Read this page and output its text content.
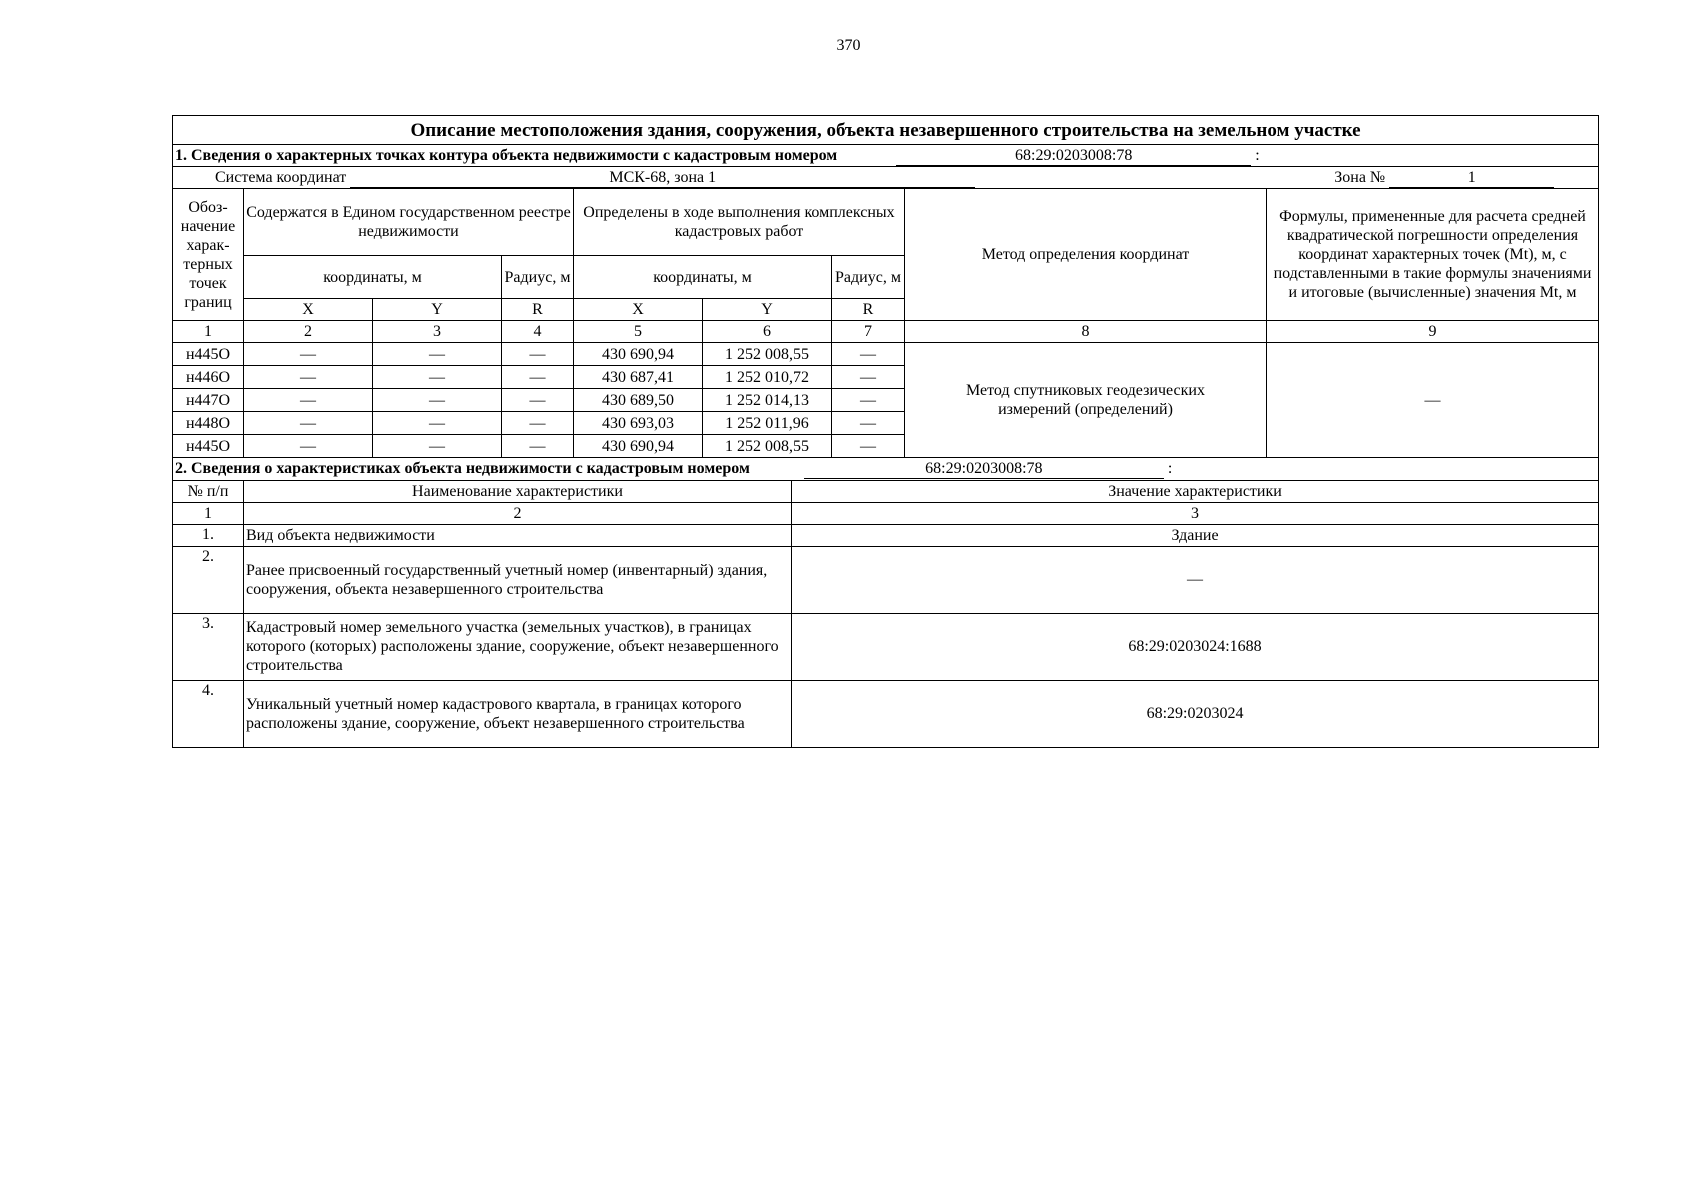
370
Описание местоположения здания, сооружения, объекта незавершенного строительства на земельном участке								
1. Сведения о характерных точках контура объекта недвижимости с кадастровым номером 68:29:0203008:78 :								
Система координат МСК-68, зона 1 Зона № 1								
Обоз-начение харак-терных точек границ	Содержатся в Едином государственном реестре недвижимости			Определены в ходе выполнения комплексных кадастровых работ			Метод определения координат	Формулы, примененные для расчета средней квадратической погрешности определения координат характерных точек (Mt), м, с подставленными в такие формулы значениями и итоговые (вычисленные) значения Mt, м
	координаты, м		Радиус, м	координаты, м		Радиус, м		
	X	Y	R	X	Y	R		
1	2	3	4	5	6	7	8	9
н445О	—	—	—	430 690,94	1 252 008,55	—	Метод спутниковых геодезических измерений (определений)	—
н446О	—	—	—	430 687,41	1 252 010,72	—		
н447О	—	—	—	430 689,50	1 252 014,13	—		
н448О	—	—	—	430 693,03	1 252 011,96	—		
н445О	—	—	—	430 690,94	1 252 008,55	—		
2. Сведения о характеристиках объекта недвижимости с кадастровым номером 68:29:0203008:78 :		
№ п/п	Наименование характеристики	Значение характеристики
1	2	3
1.	Вид объекта недвижимости	Здание
2.	Ранее присвоенный государственный учетный номер (инвентарный) здания, сооружения, объекта незавершенного строительства	—
3.	Кадастровый номер земельного участка (земельных участков), в границах которого (которых) расположены здание, сооружение, объект незавершенного строительства	68:29:0203024:1688
4.	Уникальный учетный номер кадастрового квартала, в границах которого расположены здание, сооружение, объект незавершенного строительства	68:29:0203024
